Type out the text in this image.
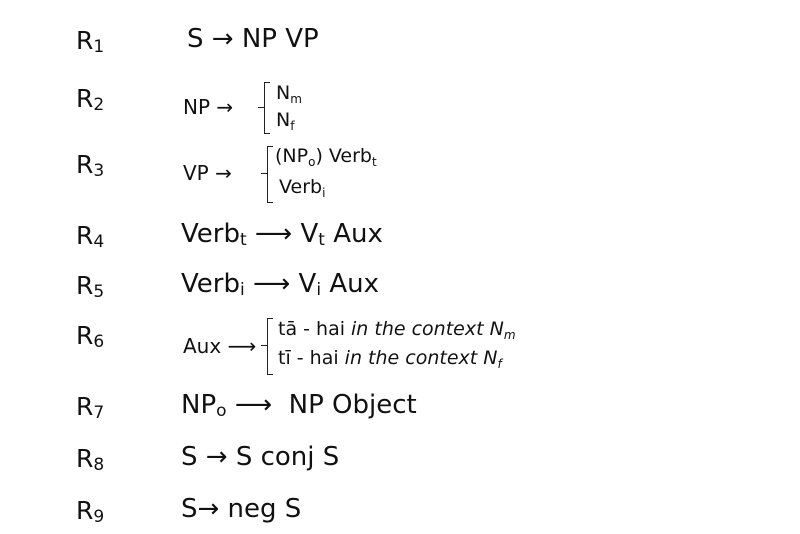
$R_1$
$R_2$
$R_3$
$R_4$
$R_5$
$R_6$
$R_7$
$R_8$
$R_9$
S → NP VP
NP →
$N_m$
$N_f$
VP →
$(NP_o)$ Verb$_t$
Verb$_i$
Verb$_t$ ⟶ $V_t$ Aux
Verb$_i$ ⟶ $V_i$ Aux
Aux ⟶
tā - hai in the context $N_m$
tī - hai in the context $N_f$
$NP_o$ ⟶ NP Object
S → S conj S
S→ neg S
